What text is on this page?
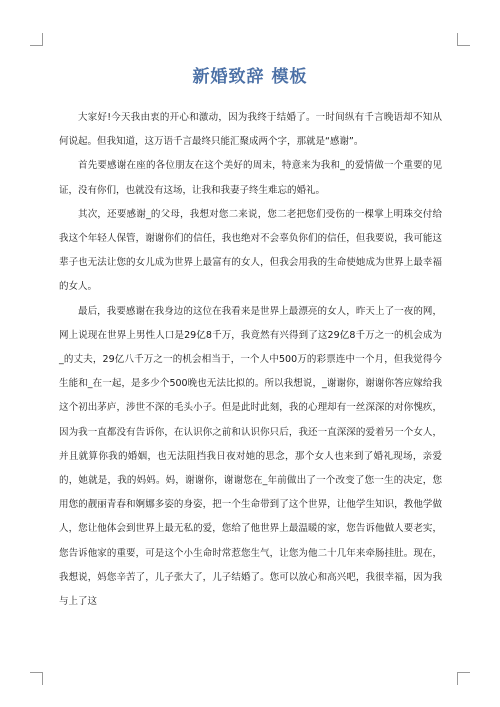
新婚致辞 模板

大家好!今天我由衷的开心和激动，因为我终于结婚了。一时间纵有千言晚语却不知从何说起。但我知道，这万语千言最终只能汇聚成两个字，那就是“感谢”。

首先要感谢在座的各位朋友在这个美好的周末，特意来为我和_的爱情做一个重要的见证，没有你们，也就没有这场，让我和我妻子终生难忘的婚礼。

其次，还要感谢_的父母，我想对您二来说，您二老把您们受伤的一棵掌上明珠交付给我这个年轻人保管，谢谢你们的信任，我也绝对不会辜负你们的信任，但我要说，我可能这辈子也无法让您的女儿成为世界上最富有的女人，但我会用我的生命使她成为世界上最幸福的女人。

最后，我要感谢在我身边的这位在我看来是世界上最漂亮的女人，昨天上了一夜的网，网上说现在世界上男性人口是29亿8千万，我竟然有兴得到了这29亿8千万之一的机会成为_的丈夫，29亿八千万之一的机会相当于，一个人中500万的彩票连中一个月，但我觉得今生能和_在一起，是多少个500晚也无法比拟的。所以我想说，_谢谢你，谢谢你答应嫁给我这个初出茅庐，涉世不深的毛头小子。但是此时此刻，我的心理却有一丝深深的对你愧疚，因为我一直都没有告诉你，在认识你之前和认识你只后，我还一直深深的爱着另一个女人，并且就算你我的婚姻，也无法阻挡我日夜对她的思念，那个女人也来到了婚礼现场，亲爱的，她就是，我的妈妈。妈，谢谢你，谢谢您在_年前做出了一个改变了您一生的决定，您用您的靓丽青春和婀娜多姿的身姿，把一个生命带到了这个世界，让他学生知识，教他学做人，您让他体会到世界上最无私的爱，您给了他世界上最温暖的家，您告诉他做人要老实，您告诉他家的重要，可是这个小生命时常惹您生气，让您为他二十几年来牵肠挂肚。现在，我想说，妈您辛苦了，儿子张大了，儿子结婚了。您可以放心和高兴吧，我很幸福，因为我与上了这
